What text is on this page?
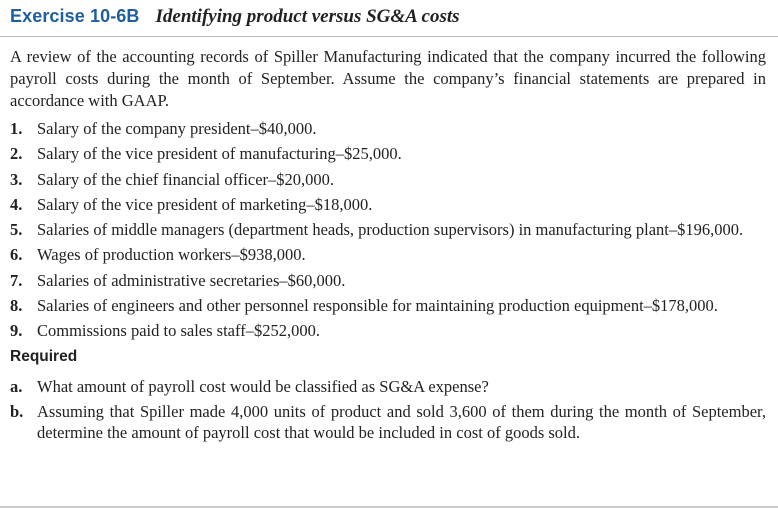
Exercise 10-6B Identifying product versus SG&A costs
A review of the accounting records of Spiller Manufacturing indicated that the company incurred the following payroll costs during the month of September. Assume the company’s financial statements are prepared in accordance with GAAP.
1. Salary of the company president–$40,000.
2. Salary of the vice president of manufacturing–$25,000.
3. Salary of the chief financial officer–$20,000.
4. Salary of the vice president of marketing–$18,000.
5. Salaries of middle managers (department heads, production supervisors) in manufacturing plant–$196,000.
6. Wages of production workers–$938,000.
7. Salaries of administrative secretaries–$60,000.
8. Salaries of engineers and other personnel responsible for maintaining production equipment–$178,000.
9. Commissions paid to sales staff–$252,000.
Required
a. What amount of payroll cost would be classified as SG&A expense?
b. Assuming that Spiller made 4,000 units of product and sold 3,600 of them during the month of September, determine the amount of payroll cost that would be included in cost of goods sold.
